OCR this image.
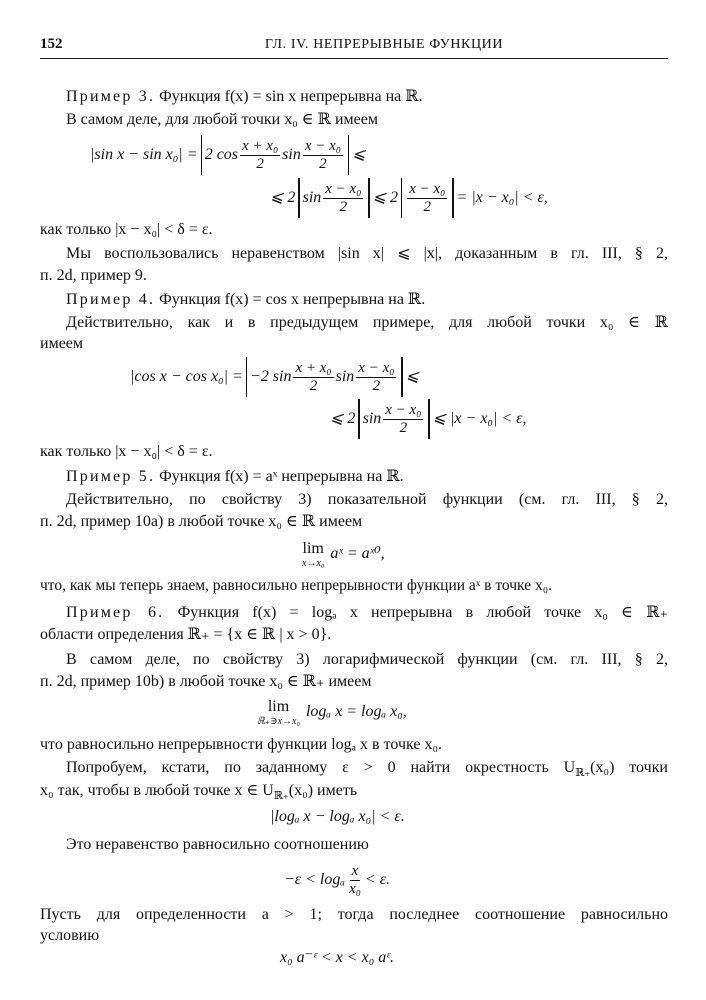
152	ГЛ. IV. НЕПРЕРЫВНЫЕ ФУНКЦИИ
Пример 3. Функция f(x) = sin x непрерывна на ℝ.
В самом деле, для любой точки x₀ ∈ ℝ имеем
|sin x − sin x₀| = 2 $\cos \frac{\text{x + x₀}}{2}$ $\sin \frac{\text{x − x₀}}{2}$ ⩽
⩽ 2 $\sin \frac{\text{x − x₀}}{2}$ ⩽ $2 \frac{\text{x − x₀}}{2} = |x - x_0| < \varepsilon$,
как только |x − x₀| < δ = ε.
Мы воспользовались неравенством |sin x| ⩽ |x|, доказанным в гл. III, § 2,
п. 2d, пример 9.
Пример 4. Функция f(x) = cos x непрерывна на ℝ.
Действительно, как и в предыдущем примере, для любой точки x₀ ∈ ℝ
имеем
|cos x − cos x₀| = −2 $\sin \frac{\text{x + x₀}}{2}$ $\sin \frac{\text{x − x₀}}{2}$ ⩽
⩽ 2 $\sin \frac{\text{x − x₀}}{2}$ ⩽ |x − x₀| < ε,
как только |x − x₀| < δ = ε.
Пример 5. Функция f(x) = aˣ непрерывна на ℝ.
Действительно, по свойству 3) показательной функции (см. гл. III, § 2,
п. 2d, пример 10a) в любой точке x₀ ∈ ℝ имеем
lim
x→x₀
aˣ = aˣ⁰,
что, как мы теперь знаем, равносильно непрерывности функции aˣ в точке x₀.
Пример 6. Функция f(x) = logₐ x непрерывна в любой точке x₀ ∈ ℝ₊
области определения ℝ₊ = {x ∈ ℝ | x > 0}.
В самом деле, по свойству 3) логарифмической функции (см. гл. III, § 2,
п. 2d, пример 10b) в любой точке x₀ ∈ ℝ₊ имеем
lim
ℝ₊∋x→x₀
logₐ x = logₐ x₀,
что равносильно непрерывности функции logₐ x в точке x₀.
Попробуем, кстати, по заданному ε > 0 найти окрестность $U_{ℝ_+}(x_0)$ точки
x₀ так, чтобы в любой точке x ∈ $U_{ℝ_+}(x_0)$ иметь
|logₐ x − logₐ x₀| < ε.
Это неравенство равносильно соотношению
−ε < logₐ $\frac{x}{\text{x₀}} < \varepsilon$.
Пусть для определенности a > 1; тогда последнее соотношение равносильно
условию
x₀ a⁻ᵋ < x < x₀ aᵋ.
